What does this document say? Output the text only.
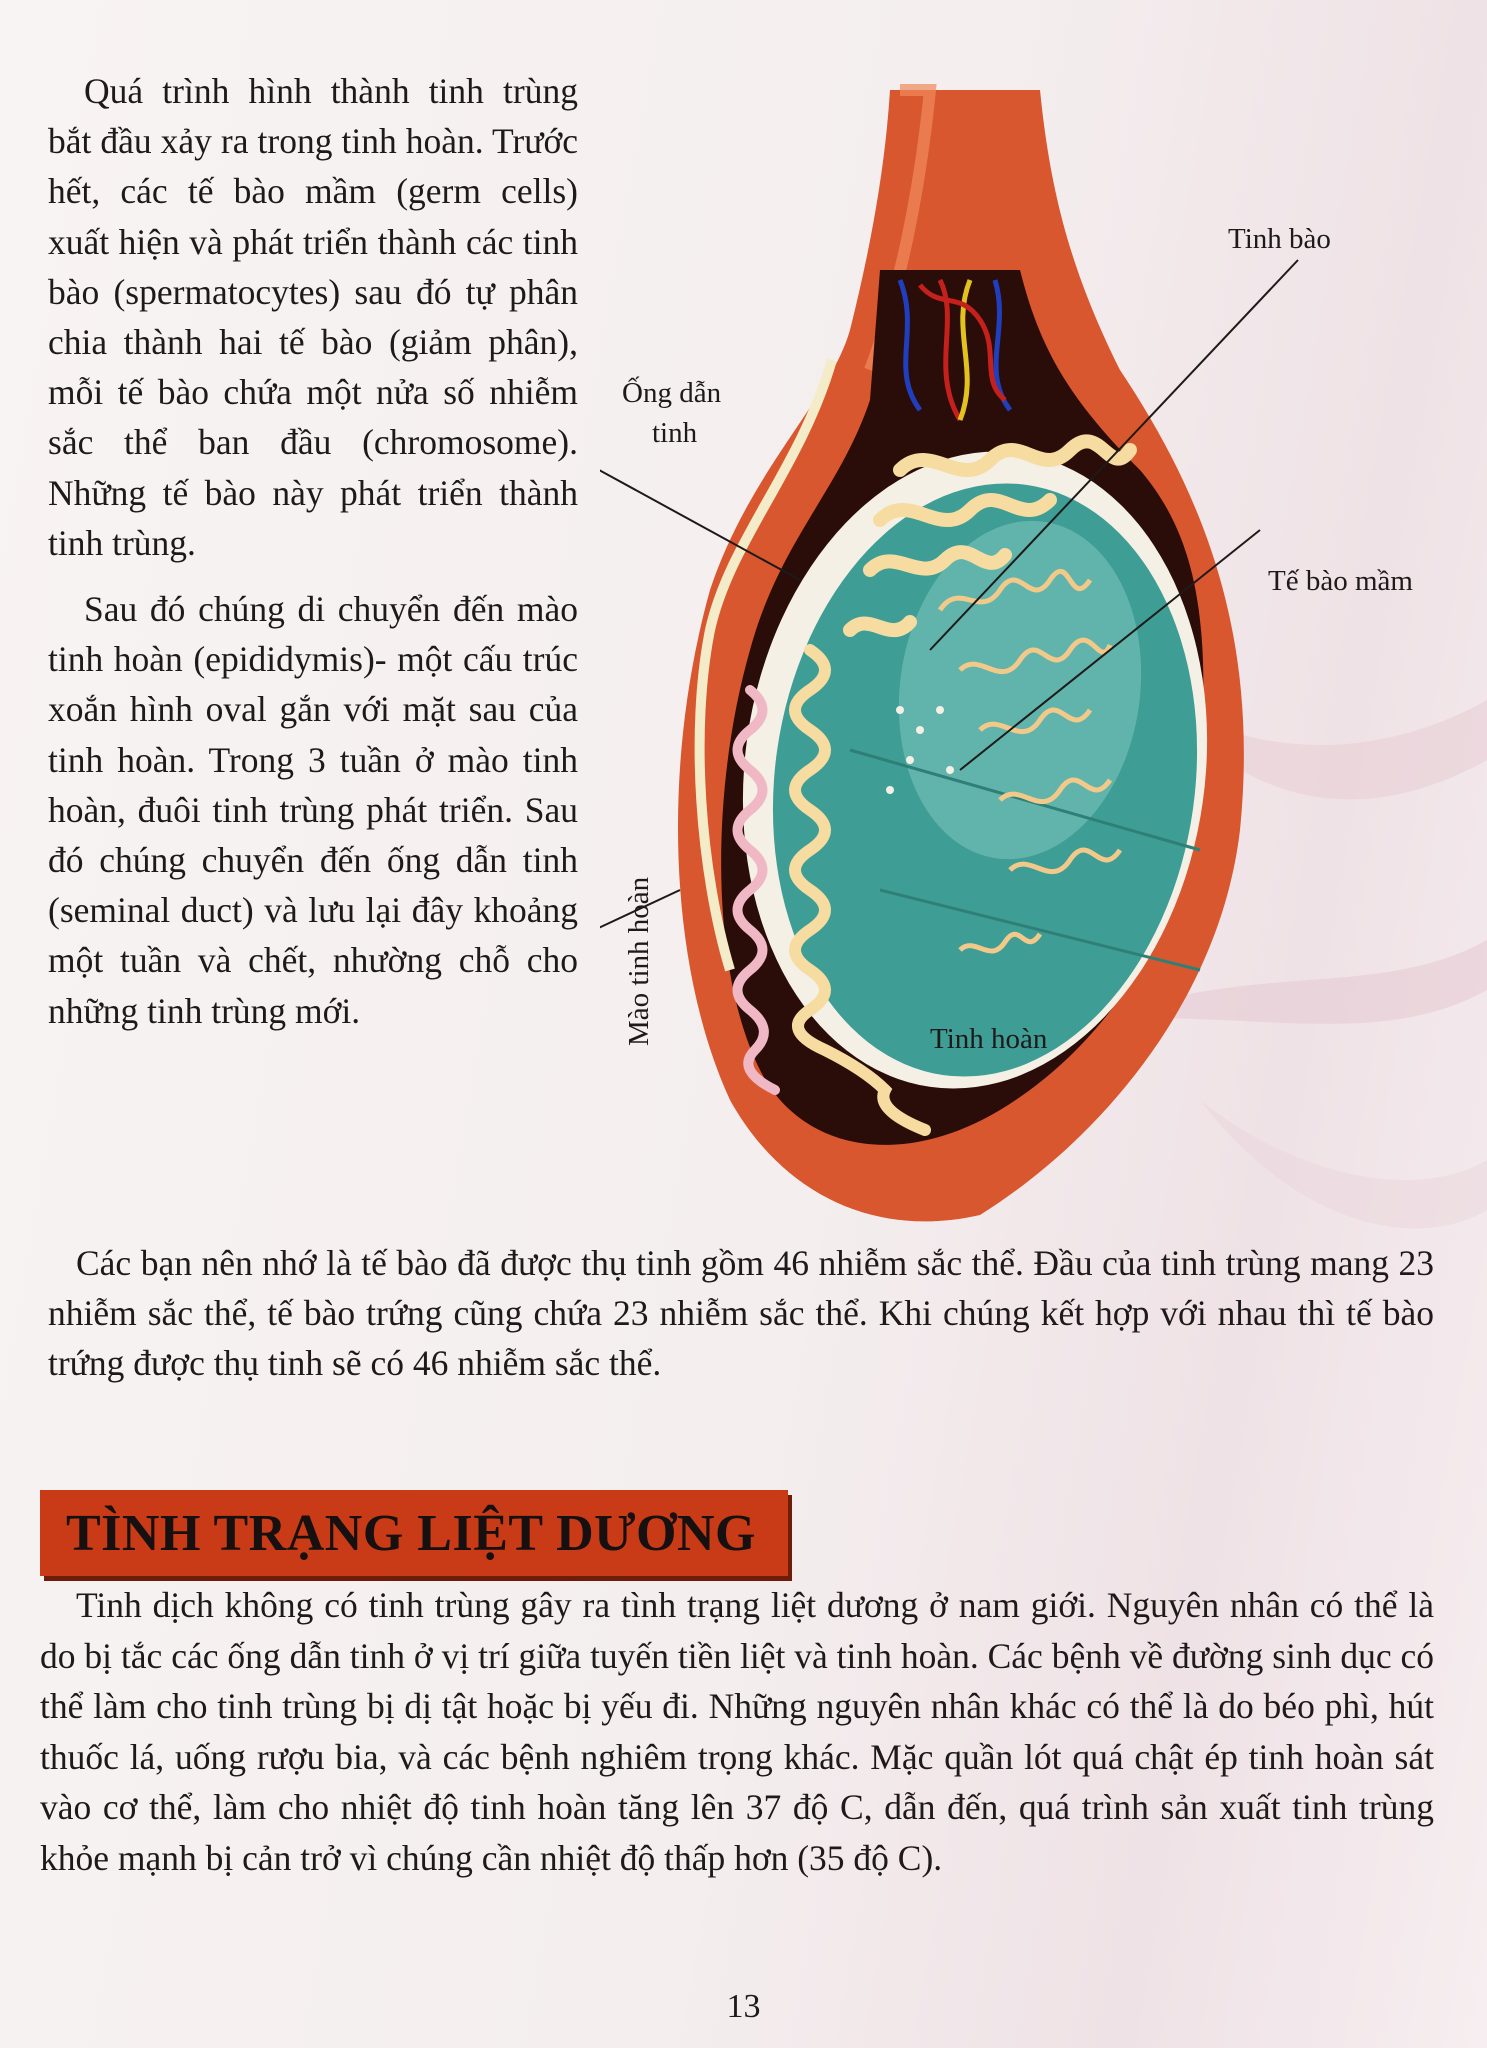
Quá trình hình thành tinh trùng bắt đầu xảy ra trong tinh hoàn. Trước hết, các tế bào mầm (germ cells) xuất hiện và phát triển thành các tinh bào (spermatocytes) sau đó tự phân chia thành hai tế bào (giảm phân), mỗi tế bào chứa một nửa số nhiễm sắc thể ban đầu (chromosome). Những tế bào này phát triển thành tinh trùng.

Sau đó chúng di chuyển đến mào tinh hoàn (epididymis)- một cấu trúc xoắn hình oval gắn với mặt sau của tinh hoàn. Trong 3 tuần ở mào tinh hoàn, đuôi tinh trùng phát triển. Sau đó chúng chuyển đến ống dẫn tinh (seminal duct) và lưu lại đây khoảng một tuần và chết, nhường chỗ cho những tinh trùng mới.

Tinh bào
Ống dẫn
tinh
Tế bào mầm
Tinh hoàn
Mào tinh hoàn

Các bạn nên nhớ là tế bào đã được thụ tinh gồm 46 nhiễm sắc thể. Đầu của tinh trùng mang 23 nhiễm sắc thể, tế bào trứng cũng chứa 23 nhiễm sắc thể. Khi chúng kết hợp với nhau thì tế bào trứng được thụ tinh sẽ có 46 nhiễm sắc thể.

TÌNH TRẠNG LIỆT DƯƠNG

Tinh dịch không có tinh trùng gây ra tình trạng liệt dương ở nam giới. Nguyên nhân có thể là do bị tắc các ống dẫn tinh ở vị trí giữa tuyến tiền liệt và tinh hoàn. Các bệnh về đường sinh dục có thể làm cho tinh trùng bị dị tật hoặc bị yếu đi. Những nguyên nhân khác có thể là do béo phì, hút thuốc lá, uống rượu bia, và các bệnh nghiêm trọng khác. Mặc quần lót quá chật ép tinh hoàn sát vào cơ thể, làm cho nhiệt độ tinh hoàn tăng lên 37 độ C, dẫn đến, quá trình sản xuất tinh trùng khỏe mạnh bị cản trở vì chúng cần nhiệt độ thấp hơn (35 độ C).

13
